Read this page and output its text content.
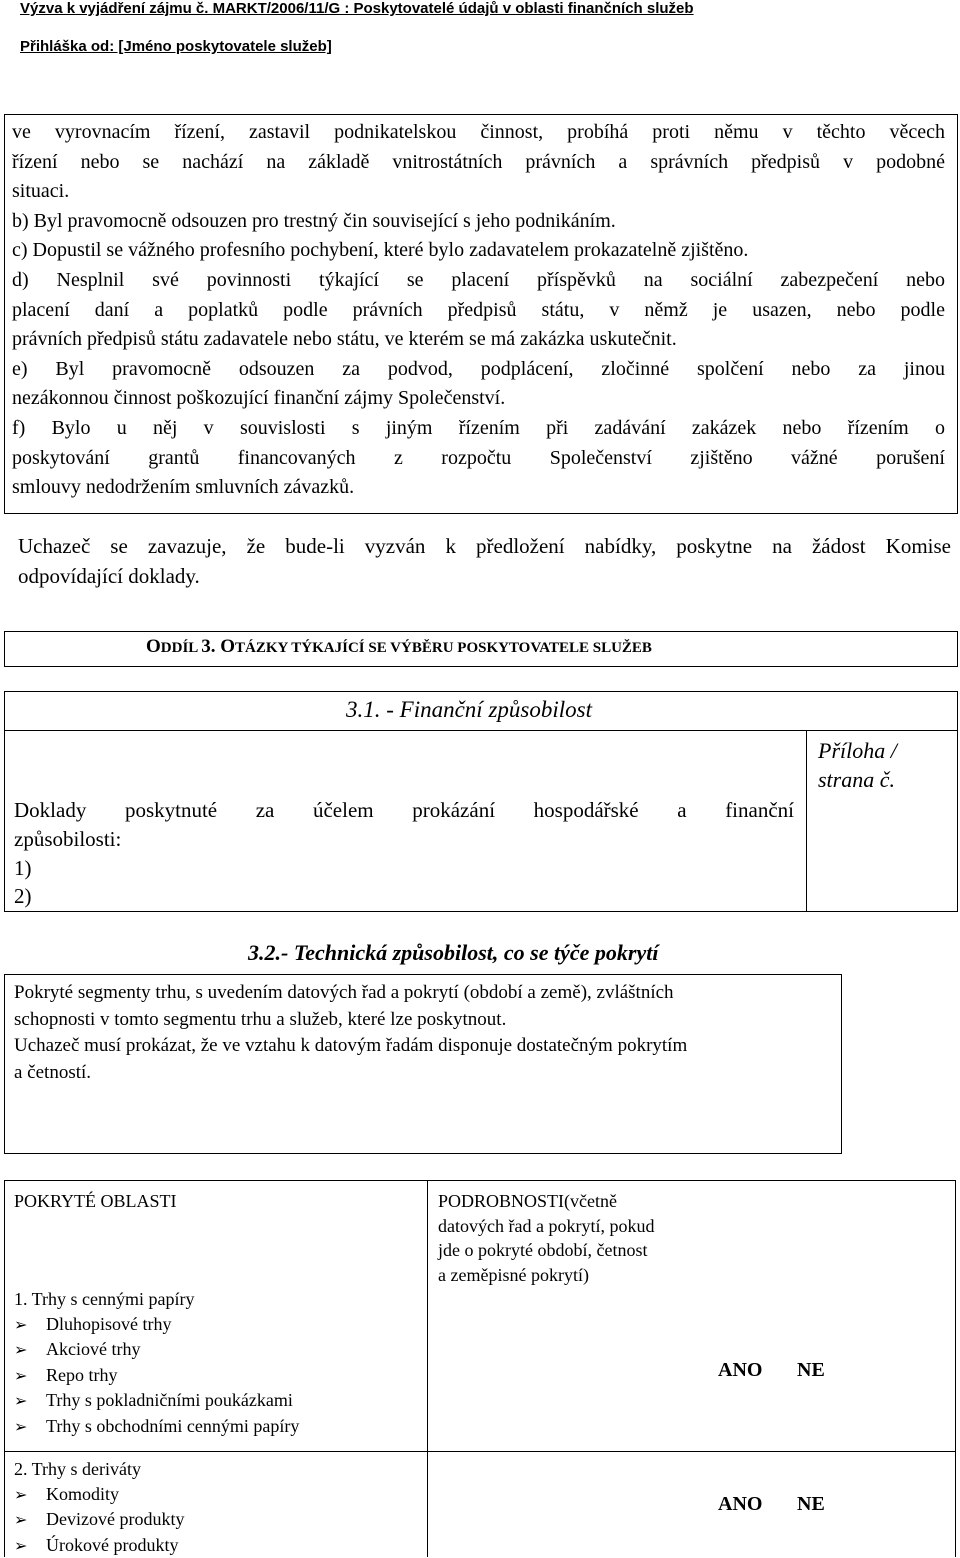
Výzva k vyjádření zájmu č. MARKT/2006/11/G : Poskytovatelé údajů v oblasti finančních služeb
Přihláška od: [Jméno poskytovatele služeb]
ve vyrovnacím řízení, zastavil podnikatelskou činnost, probíhá proti němu v těchto věcech
řízení nebo se nachází na základě vnitrostátních právních a správních předpisů v podobné
situaci.
b) Byl pravomocně odsouzen pro trestný čin související s jeho podnikáním.
c) Dopustil se vážného profesního pochybení, které bylo zadavatelem prokazatelně zjištěno.
d) Nesplnil své povinnosti týkající se placení příspěvků na sociální zabezpečení nebo
placení daní a poplatků podle právních předpisů státu, v němž je usazen, nebo podle
právních předpisů státu zadavatele nebo státu, ve kterém se má zakázka uskutečnit.
e) Byl pravomocně odsouzen za podvod, podplácení, zločinné spolčení nebo za jinou
nezákonnou činnost poškozující finanční zájmy Společenství.
f) Bylo u něj v souvislosti s jiným řízením při zadávání zakázek nebo řízením o
poskytování grantů financovaných z rozpočtu Společenství zjištěno vážné porušení
smlouvy nedodržením smluvních závazků.
Uchazeč se zavazuje, že bude-li vyzván k předložení nabídky, poskytne na žádost Komise
odpovídající doklady.
ODDÍL 3. OTÁZKY TÝKAJÍCÍ SE VÝBĚRU POSKYTOVATELE SLUŽEB
3.1. - Finanční způsobilost
Příloha /
strana č.
Doklady poskytnuté za účelem prokázání hospodářské a finanční
způsobilosti:
1)
2)
3.2.- Technická způsobilost, co se týče pokrytí
Pokryté segmenty trhu, s uvedením datových řad a pokrytí (období a země), zvláštních
schopnosti v tomto segmentu trhu a služeb, které lze poskytnout.
Uchazeč musí prokázat, že ve vztahu k datovým řadám disponuje dostatečným pokrytím
a četností.
POKRYTÉ OBLASTI	PODROBNOSTI(včetně
datových řad a pokrytí, pokud
jde o pokryté období, četnost
a zeměpisné pokrytí)
1. Trhy s cennými papíry
➢ Dluhopisové trhy
➢ Akciové trhy
➢ Repo trhy
➢ Trhy s pokladničními poukázkami
➢ Trhy s obchodními cennými papíry
ANO NE
2. Trhy s deriváty
➢ Komodity
➢ Devizové produkty
➢ Úrokové produkty
ANO NE
